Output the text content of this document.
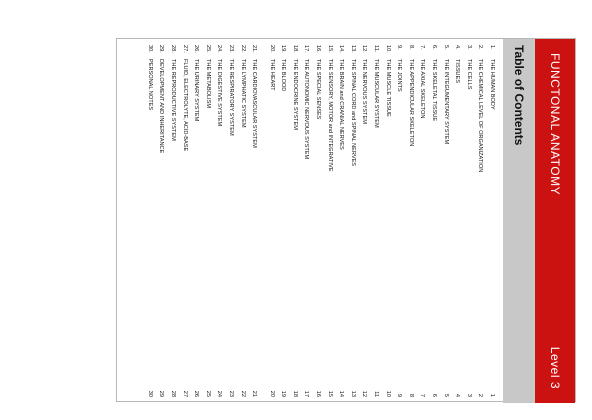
FUNCTONAL ANATOMY
Level 3
Table of Contents
1.
THE HUMAN BODY
1
2.
THE CHEMICAL LEVEL OF ORGANIZATION
2
3.
THE CELLS
3
4.
TISSUES
4
5.
THE INTEGUMENTARY SYSTEM
5
6.
THE SKELETAL TISSUE
6
7.
THE AXIAL SKELETON
7
8.
THE APPENDICULAR SKELETON
8
9.
THE JOINTS
9
10.
THE MUSCLE TISSUE
10
11.
THE MUSCULAR SYSTEM
11
12.
THE NERVOUS SYSTEM
12
13.
THE SPINAL CORD and SPINAL NERVES
13
14.
THE BRAIN and CRANIAL NERVES
14
15.
THE SENSORY, MOTOR and INTEGRATIVE
15
16.
THE SPECIAL SENSES
16
17.
THE AUTONOMIC NERVOUS SYSTEM
17
18.
THE ENDOCRINE SYSTEM
18
19.
THE BLOOD
19
20.
THE HEART
20
21.
THE CARDIOVASCULAR SYSTEM
21
22.
THE LYMPHATIC SYSTEM
22
23.
THE RESPIRATORY SYSTEM
23
24.
THE DIGESTIVE SYSTEM
24
25.
THE METABOLISM
25
26.
THE URINARY SYSTEM
26
27.
FLUID, ELECTROLYTE, ACID-BASE
27
28.
THE REPRODUCTIVE SYSTEM
28
29.
DEVELOPMENT AND INHERITANCE
29
30.
PERSONAL NOTES
30
